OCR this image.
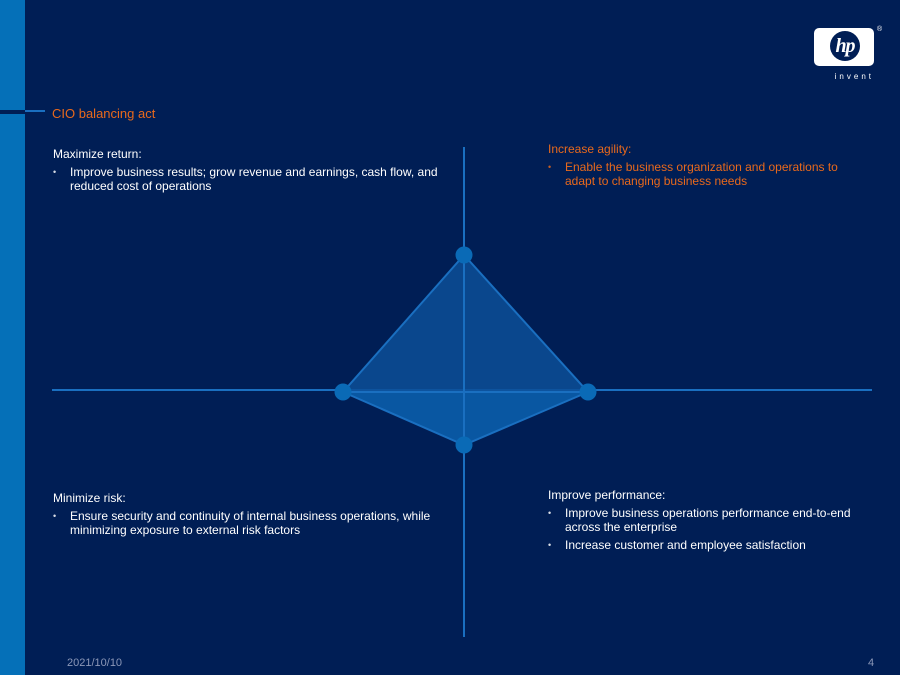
hp
®
invent
CIO balancing act
Maximize return:
• Improve business results; grow revenue and earnings, cash flow, and reduced cost of operations
Increase agility:
• Enable the business organization and operations to adapt to changing business needs
Minimize risk:
• Ensure security and continuity of internal business operations, while minimizing exposure to external risk factors
Improve performance:
• Improve business operations performance end-to-end across the enterprise
• Increase customer and employee satisfaction
2021/10/10	4
